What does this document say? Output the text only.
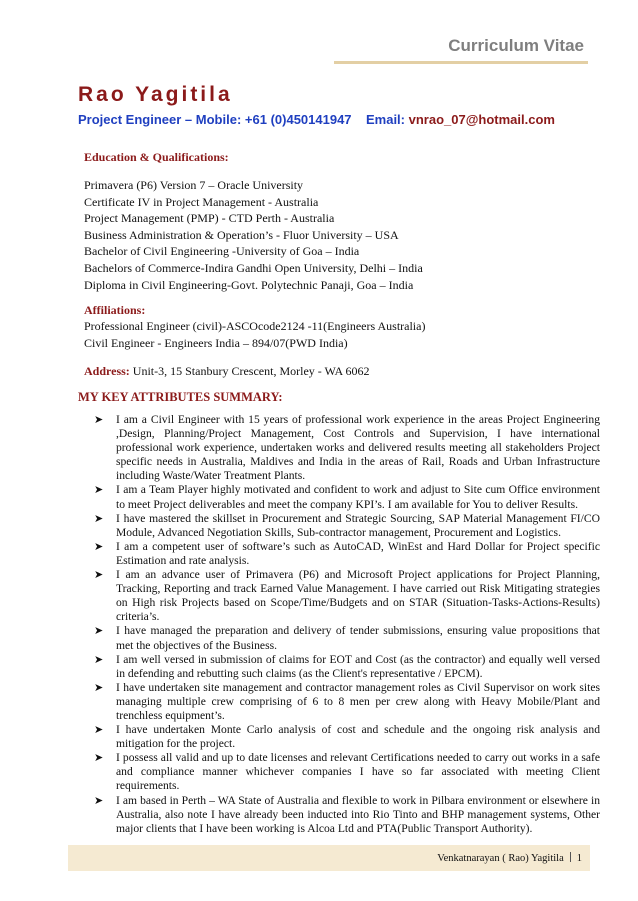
Curriculum Vitae
Rao Yagitila
Project Engineer – Mobile: +61 (0)450141947 Email: vnrao_07@hotmail.com
Education & Qualifications:
Primavera (P6) Version 7 – Oracle University
Certificate IV in Project Management - Australia
Project Management (PMP) - CTD Perth - Australia
Business Administration & Operation’s - Fluor University – USA
Bachelor of Civil Engineering -University of Goa – India
Bachelors of Commerce-Indira Gandhi Open University, Delhi – India
Diploma in Civil Engineering-Govt. Polytechnic Panaji, Goa – India
Affiliations:
Professional Engineer (civil)-ASCOcode2124 -11(Engineers Australia)
Civil Engineer - Engineers India – 894/07(PWD India)
Address: Unit-3, 15 Stanbury Crescent, Morley - WA 6062
MY KEY ATTRIBUTES SUMMARY:
➤ I am a Civil Engineer with 15 years of professional work experience in the areas Project Engineering ,Design, Planning/Project Management, Cost Controls and Supervision, I have international professional work experience, undertaken works and delivered results meeting all stakeholders Project specific needs in Australia, Maldives and India in the areas of Rail, Roads and Urban Infrastructure including Waste/Water Treatment Plants.
➤ I am a Team Player highly motivated and confident to work and adjust to Site cum Office environment to meet Project deliverables and meet the company KPI’s. I am available for You to deliver Results.
➤ I have mastered the skillset in Procurement and Strategic Sourcing, SAP Material Management FI/CO Module, Advanced Negotiation Skills, Sub-contractor management, Procurement and Logistics.
➤ I am a competent user of software’s such as AutoCAD, WinEst and Hard Dollar for Project specific Estimation and rate analysis.
➤ I am an advance user of Primavera (P6) and Microsoft Project applications for Project Planning, Tracking, Reporting and track Earned Value Management. I have carried out Risk Mitigating strategies on High risk Projects based on Scope/Time/Budgets and on STAR (Situation-Tasks-Actions-Results) criteria’s.
➤ I have managed the preparation and delivery of tender submissions, ensuring value propositions that met the objectives of the Business.
➤ I am well versed in submission of claims for EOT and Cost (as the contractor) and equally well versed in defending and rebutting such claims (as the Client's representative / EPCM).
➤ I have undertaken site management and contractor management roles as Civil Supervisor on work sites managing multiple crew comprising of 6 to 8 men per crew along with Heavy Mobile/Plant and trenchless equipment’s.
➤ I have undertaken Monte Carlo analysis of cost and schedule and the ongoing risk analysis and mitigation for the project.
➤ I possess all valid and up to date licenses and relevant Certifications needed to carry out works in a safe and compliance manner whichever companies I have so far associated with meeting Client requirements.
➤ I am based in Perth – WA State of Australia and flexible to work in Pilbara environment or elsewhere in Australia, also note I have already been inducted into Rio Tinto and BHP management systems, Other major clients that I have been working is Alcoa Ltd and PTA(Public Transport Authority).
Venkatnarayan ( Rao) Yagitila 1
